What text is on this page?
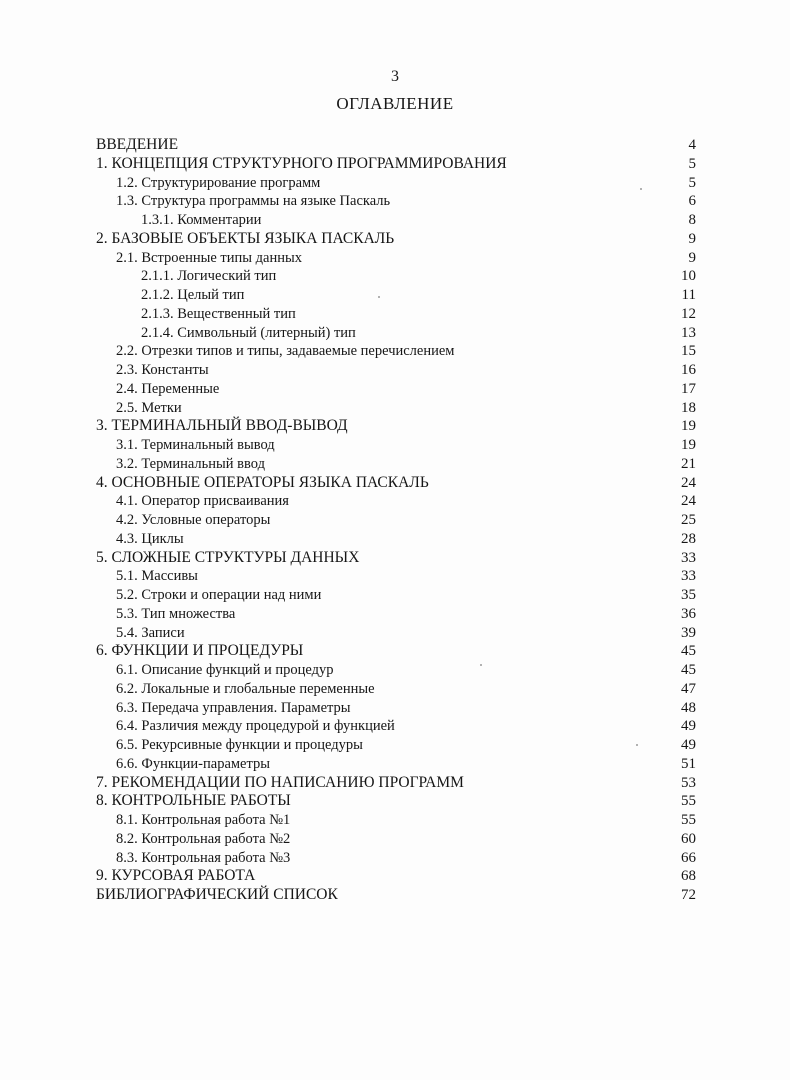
3
ОГЛАВЛЕНИЕ
ВВЕДЕНИЕ	4
1. КОНЦЕПЦИЯ СТРУКТУРНОГО ПРОГРАММИРОВАНИЯ	5
1.2. Структурирование программ	5
1.3. Структура программы на языке Паскаль	6
1.3.1. Комментарии	8
2. БАЗОВЫЕ ОБЪЕКТЫ ЯЗЫКА ПАСКАЛЬ	9
2.1. Встроенные типы данных	9
2.1.1. Логический тип	10
2.1.2. Целый тип	11
2.1.3. Вещественный тип	12
2.1.4. Символьный (литерный) тип	13
2.2. Отрезки типов и типы, задаваемые перечислением	15
2.3. Константы	16
2.4. Переменные	17
2.5. Метки	18
3. ТЕРМИНАЛЬНЫЙ ВВОД-ВЫВОД	19
3.1. Терминальный вывод	19
3.2. Терминальный ввод	21
4. ОСНОВНЫЕ ОПЕРАТОРЫ ЯЗЫКА ПАСКАЛЬ	24
4.1. Оператор присваивания	24
4.2. Условные операторы	25
4.3. Циклы	28
5. СЛОЖНЫЕ СТРУКТУРЫ ДАННЫХ	33
5.1. Массивы	33
5.2. Строки и операции над ними	35
5.3. Тип множества	36
5.4. Записи	39
6. ФУНКЦИИ И ПРОЦЕДУРЫ	45
6.1. Описание функций и процедур	45
6.2. Локальные и глобальные переменные	47
6.3. Передача управления. Параметры	48
6.4. Различия между процедурой и функцией	49
6.5. Рекурсивные функции и процедуры	49
6.6. Функции-параметры	51
7. РЕКОМЕНДАЦИИ ПО НАПИСАНИЮ ПРОГРАММ	53
8. КОНТРОЛЬНЫЕ РАБОТЫ	55
8.1. Контрольная работа №1	55
8.2. Контрольная работа №2	60
8.3. Контрольная работа №3	66
9. КУРСОВАЯ РАБОТА	68
БИБЛИОГРАФИЧЕСКИЙ СПИСОК	72
